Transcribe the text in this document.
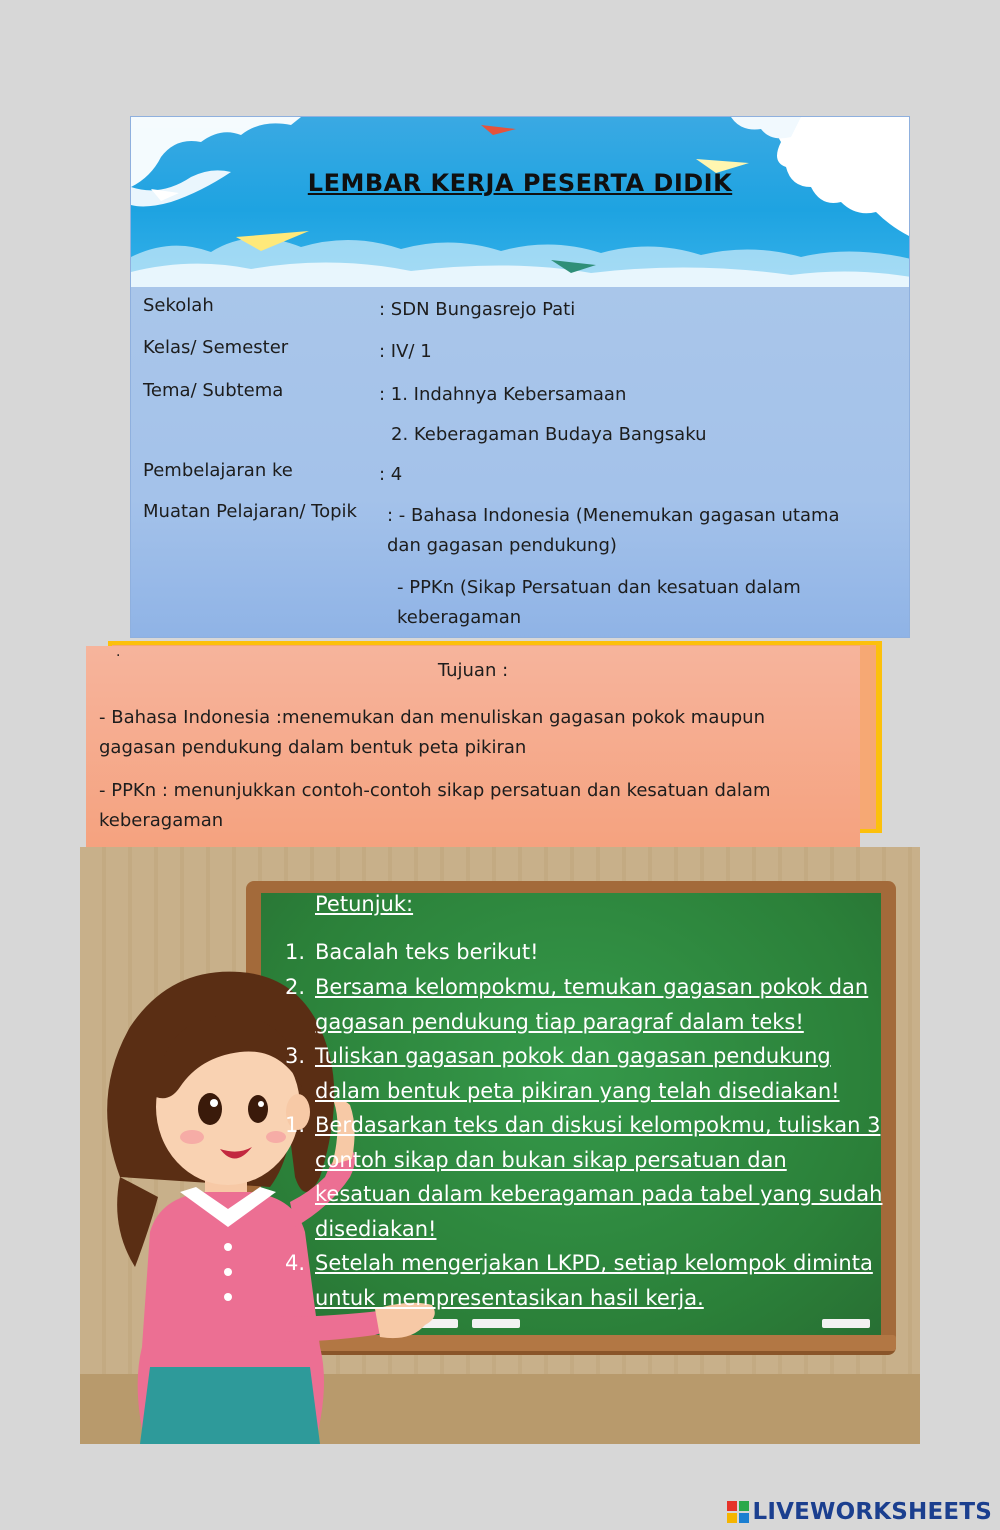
LEMBAR KERJA PESERTA DIDIK
Sekolah	: SDN Bungasrejo Pati
Kelas/ Semester	: IV/ 1
Tema/ Subtema	: 1. Indahnya Kebersamaan
2. Keberagaman Budaya Bangsaku
Pembelajaran ke	: 4
Muatan Pelajaran/ Topik : - Bahasa Indonesia (Menemukan gagasan utama dan gagasan pendukung)
- PPKn (Sikap Persatuan dan kesatuan dalam keberagaman
.
Tujuan :
- Bahasa Indonesia :menemukan dan menuliskan gagasan pokok maupun gagasan pendukung dalam bentuk peta pikiran
- PPKn : menunjukkan contoh-contoh sikap persatuan dan kesatuan dalam keberagaman
Petunjuk:
1. Bacalah teks berikut!
2. Bersama kelompokmu, temukan gagasan pokok dan gagasan pendukung tiap paragraf dalam teks!
3. Tuliskan gagasan pokok dan gagasan pendukung dalam bentuk peta pikiran yang telah disediakan!
1. Berdasarkan teks dan diskusi kelompokmu, tuliskan 3 contoh sikap dan bukan sikap persatuan dan kesatuan dalam keberagaman pada tabel yang sudah disediakan!
4. Setelah mengerjakan LKPD, setiap kelompok diminta untuk mempresentasikan hasil kerja.
LIVEWORKSHEETS
